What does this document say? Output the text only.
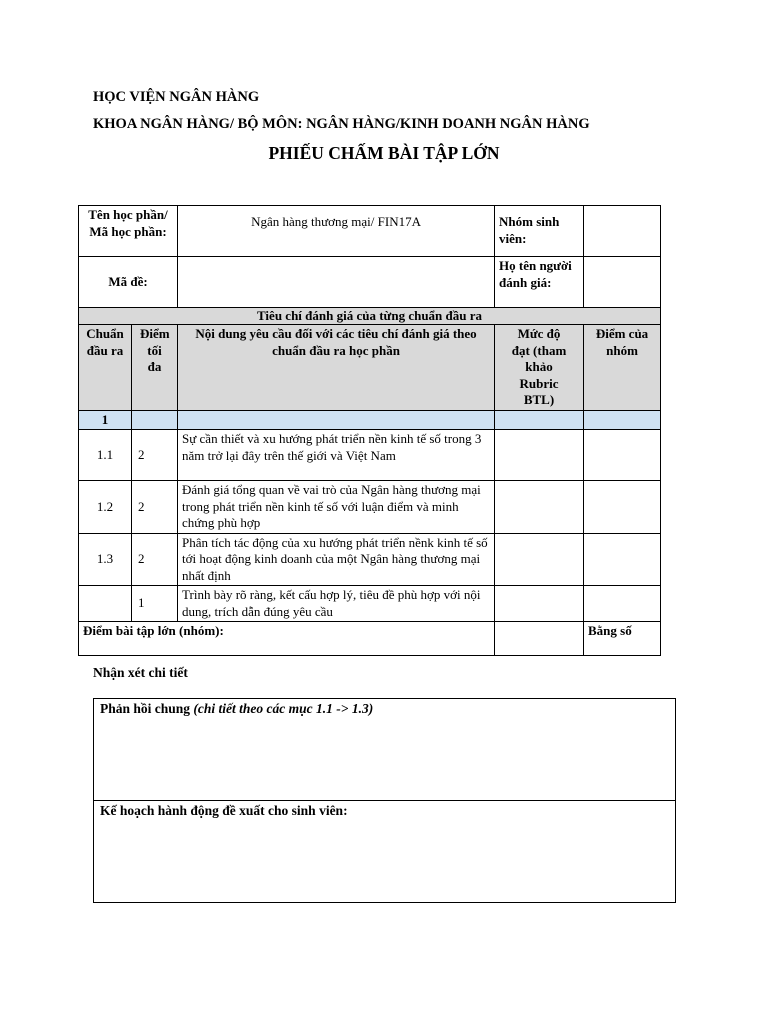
HỌC VIỆN NGÂN HÀNG
KHOA NGÂN HÀNG/ BỘ MÔN: NGÂN HÀNG/KINH DOANH NGÂN HÀNG
PHIẾU CHẤM BÀI TẬP LỚN
Tên học phần/ Mã học phần:		Ngân hàng thương mại/ FIN17A	Nhóm sinh viên:	
Mã đề:			Họ tên người đánh giá:	
Tiêu chí đánh giá của từng chuẩn đầu ra				
Chuẩn đầu ra	Điểm tối đa	Nội dung yêu cầu đối với các tiêu chí đánh giá theo chuẩn đầu ra học phần	Mức độ đạt (tham khảo Rubric BTL)	Điểm của nhóm
1				
1.1	2	Sự cần thiết và xu hướng phát triển nền kinh tế số trong 3 năm trở lại đây trên thế giới và Việt Nam		
1.2	2	Đánh giá tổng quan về vai trò của Ngân hàng thương mại trong phát triển nền kinh tế số với luận điểm và minh chứng phù hợp		
1.3	2	Phân tích tác động của xu hướng phát triển nềnk kinh tế số tới hoạt động kinh doanh của một Ngân hàng thương mại nhất định		
	1	Trình bày rõ ràng, kết cấu hợp lý, tiêu đề phù hợp với nội dung, trích dẫn đúng yêu cầu		
Điểm bài tập lớn (nhóm):				Bằng số
Nhận xét chi tiết
Phản hồi chung (chi tiết theo các mục 1.1 -> 1.3)
Kế hoạch hành động đề xuất cho sinh viên:
